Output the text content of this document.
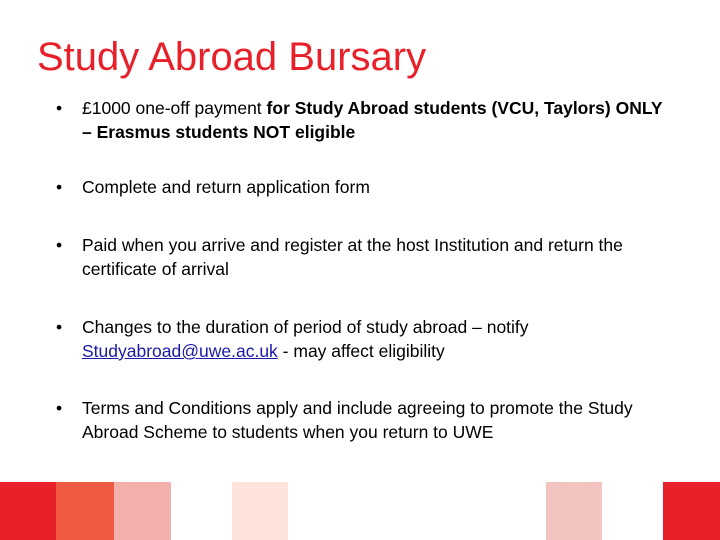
Study Abroad Bursary
•	£1000 one-off payment for Study Abroad students (VCU, Taylors) ONLY – Erasmus students NOT eligible
•	Complete and return application form
•	Paid when you arrive and register at the host Institution and return the certificate of arrival
•	Changes to the duration of period of study abroad – notify Studyabroad@uwe.ac.uk - may affect eligibility
•	Terms and Conditions apply and include agreeing to promote the Study Abroad Scheme to students when you return to UWE
